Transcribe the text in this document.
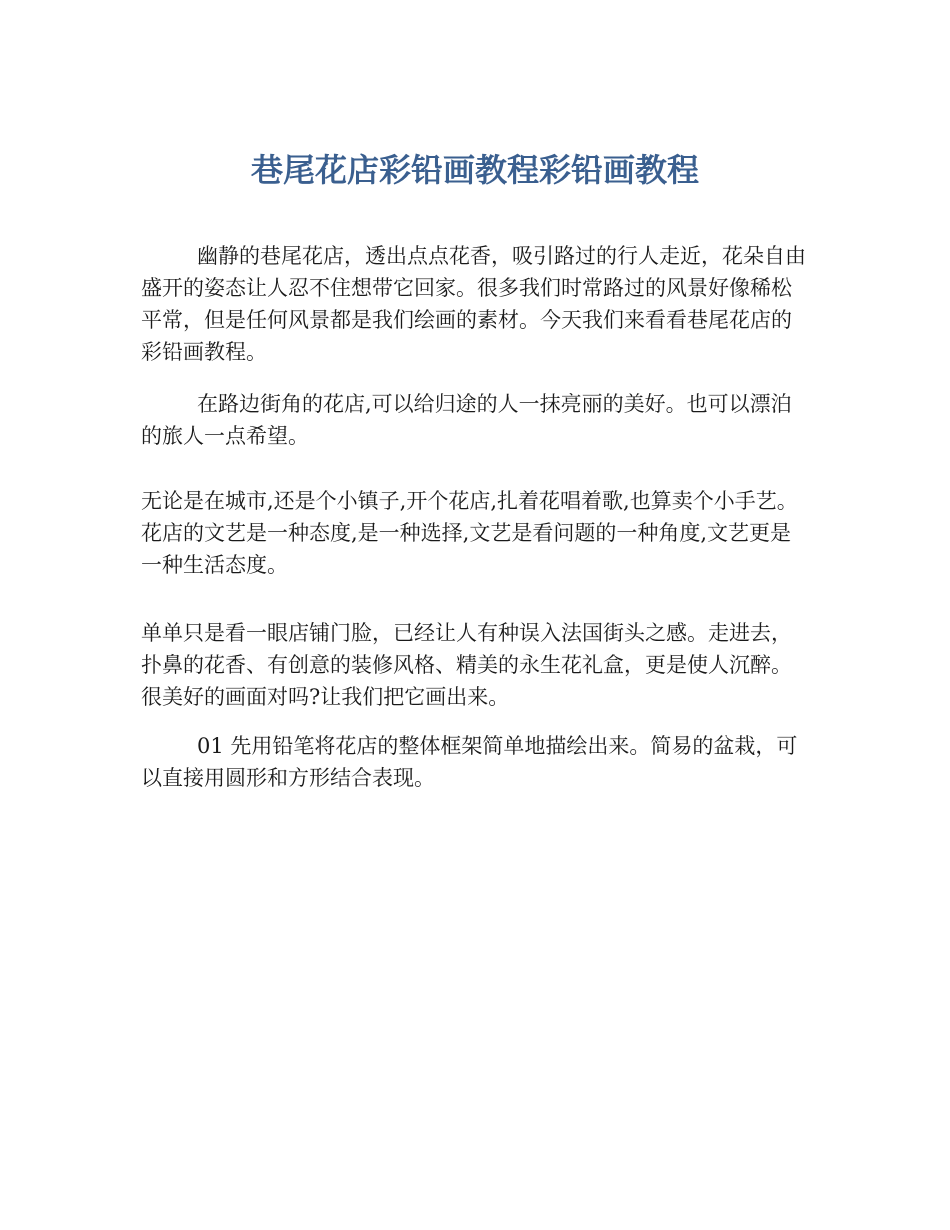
巷尾花店彩铅画教程彩铅画教程

幽静的巷尾花店，透出点点花香，吸引路过的行人走近，花朵自由盛开的姿态让人忍不住想带它回家。很多我们时常路过的风景好像稀松平常，但是任何风景都是我们绘画的素材。今天我们来看看巷尾花店的彩铅画教程。

在路边街角的花店,可以给归途的人一抹亮丽的美好。也可以漂泊的旅人一点希望。

无论是在城市,还是个小镇子,开个花店,扎着花唱着歌,也算卖个小手艺。花店的文艺是一种态度,是一种选择,文艺是看问题的一种角度,文艺更是一种生活态度。

单单只是看一眼店铺门脸，已经让人有种误入法国街头之感。走进去，扑鼻的花香、有创意的装修风格、精美的永生花礼盒，更是使人沉醉。很美好的画面对吗?让我们把它画出来。

01 先用铅笔将花店的整体框架简单地描绘出来。简易的盆栽，可以直接用圆形和方形结合表现。
